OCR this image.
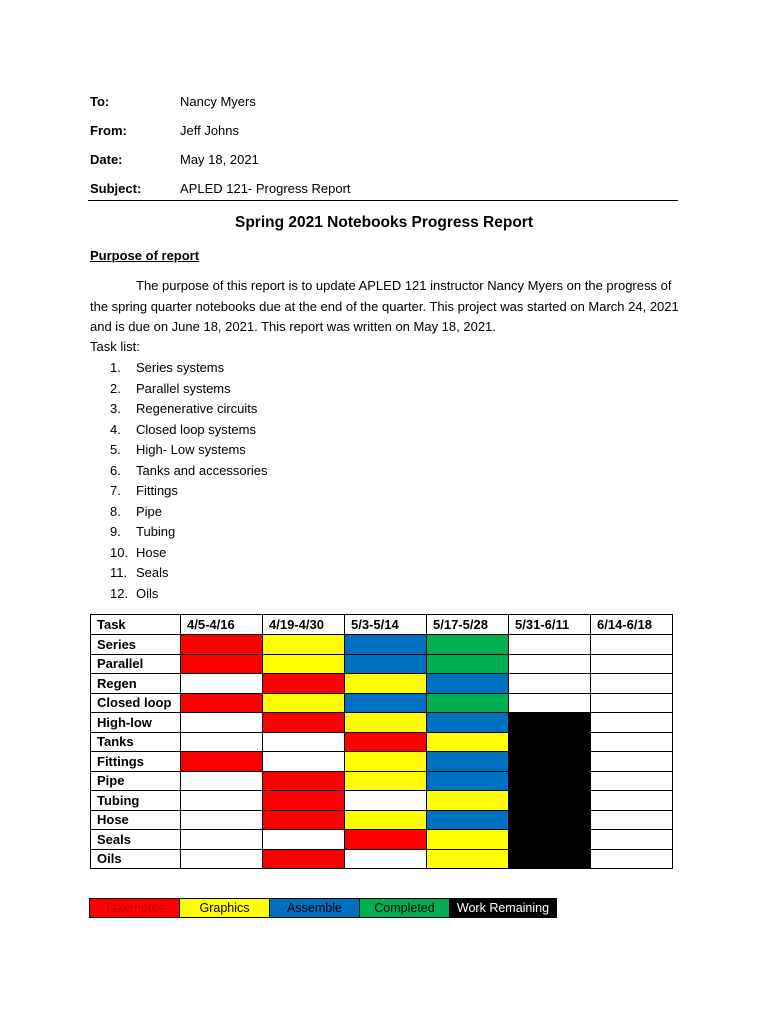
To:	Nancy Myers
From:	Jeff Johns
Date:	May 18, 2021
Subject:	APLED 121- Progress Report
Spring 2021 Notebooks Progress Report
Purpose of report
The purpose of this report is to update APLED 121 instructor Nancy Myers on the progress of the spring quarter notebooks due at the end of the quarter. This project was started on March 24, 2021 and is due on June 18, 2021. This report was written on May 18, 2021.
Task list:
1.	Series systems
2.	Parallel systems
3.	Regenerative circuits
4.	Closed loop systems
5.	High- Low systems
6.	Tanks and accessories
7.	Fittings
8.	Pipe
9.	Tubing
10. Hose
11. Seals
12. Oils
Task	4/5-4/16	4/19-4/30	5/3-5/14	5/17-5/28	5/31-6/11	6/14-6/18
Series						
Parallel						
Regen						
Closed loop						
High-low						
Tanks						
Fittings						
Pipe						
Tubing						
Hose						
Seals						
Oils						
Take notes	Graphics	Assemble	Completed	Work Remaining
